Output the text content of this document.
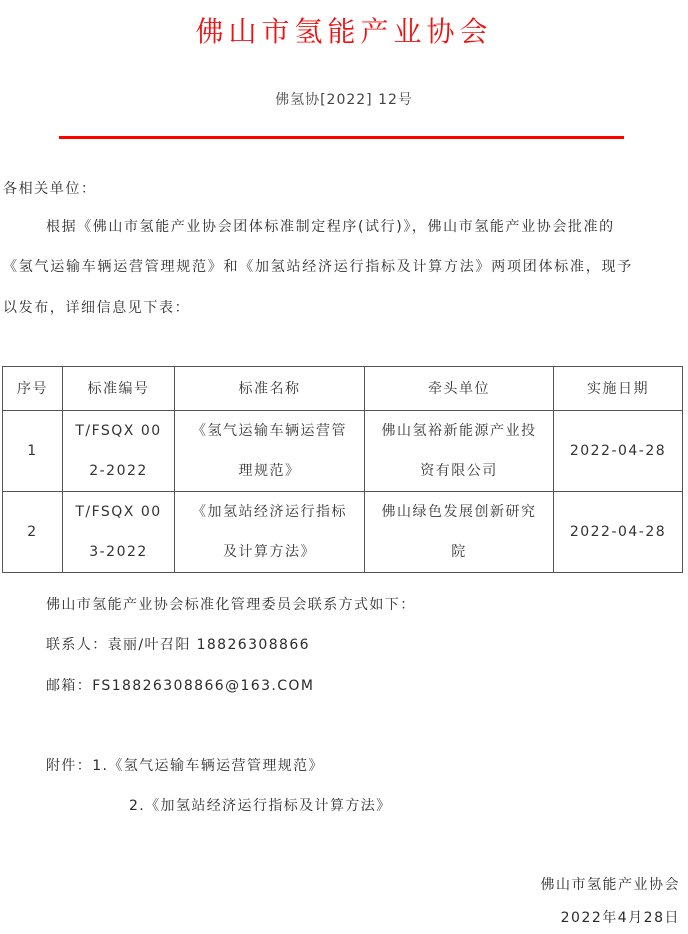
佛山市氢能产业协会
佛氢协[2022] 12号
各相关单位：
根据《佛山市氢能产业协会团体标准制定程序(试行)》，佛山市氢能产业协会批准的
《氢气运输车辆运营管理规范》和《加氢站经济运行指标及计算方法》两项团体标准，现予
以发布，详细信息见下表：
序号	标准编号	标准名称	牵头单位	实施日期
1	T/FSQX 002-2022	《氢气运输车辆运营管理规范》	佛山氢裕新能源产业投资有限公司	2022-04-28
2	T/FSQX 003-2022	《加氢站经济运行指标及计算方法》	佛山绿色发展创新研究院	2022-04-28
佛山市氢能产业协会标准化管理委员会联系方式如下：
联系人：袁丽/叶召阳 18826308866
邮箱：FS18826308866@163.COM
附件：1.《氢气运输车辆运营管理规范》
2.《加氢站经济运行指标及计算方法》
佛山市氢能产业协会
2022年4月28日
